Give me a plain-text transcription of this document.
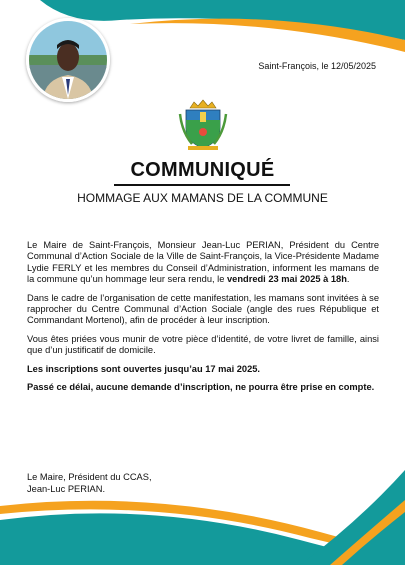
Saint-François, le 12/05/2025
COMMUNIQUÉ
HOMMAGE AUX MAMANS DE LA COMMUNE

Le Maire de Saint-François, Monsieur Jean-Luc PERIAN, Président du Centre Communal d’Action Sociale de la Ville de Saint-François, la Vice-Présidente Madame Lydie FERLY et les membres du Conseil d’Administration, informent les mamans de la commune qu’un hommage leur sera rendu, le vendredi 23 mai 2025 à 18h.

Dans le cadre de l’organisation de cette manifestation, les mamans sont invitées à se rapprocher du Centre Communal d’Action Sociale (angle des rues République et Commandant Mortenol), afin de procéder à leur inscription.

Vous êtes priées vous munir de votre pièce d’identité, de votre livret de famille, ainsi que d’un justificatif de domicile.

Les inscriptions sont ouvertes jusqu’au 17 mai 2025.

Passé ce délai, aucune demande d’inscription, ne pourra être prise en compte.

Le Maire, Président du CCAS,
Jean-Luc PERIAN.
